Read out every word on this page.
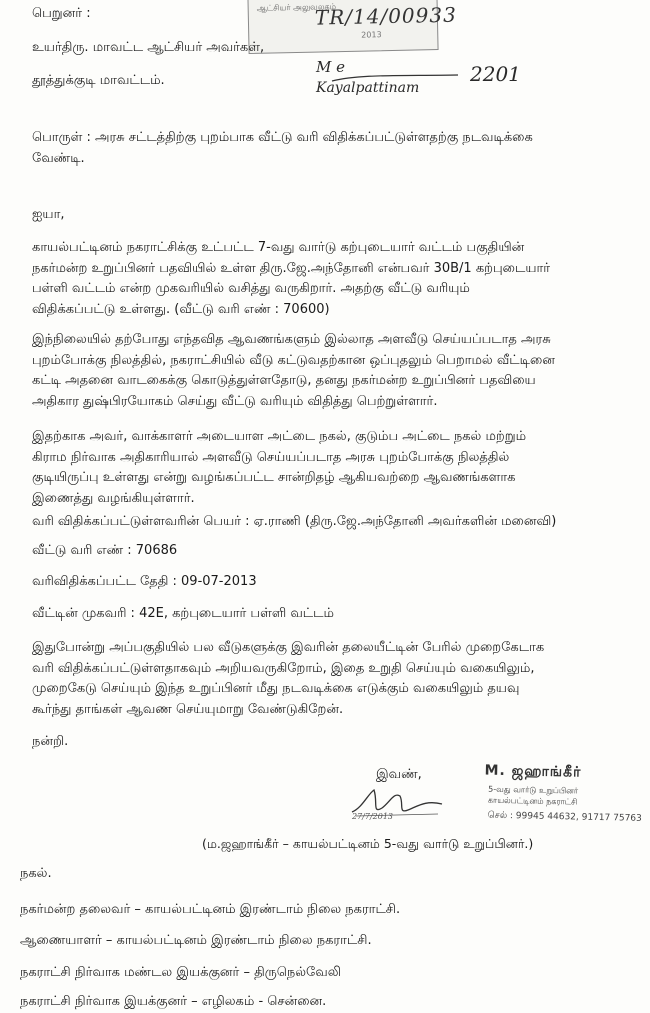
ஆட்சியர் அலுவலகம்
TR/14/00933
2013
பெறுனர் :
உயர்திரு. மாவட்ட ஆட்சியர் அவர்கள்,
தூத்துக்குடி மாவட்டம்.
M e
Kayalpattinam
2201
பொருள் : அரசு சட்டத்திற்கு புறம்பாக வீட்டு வரி விதிக்கப்பட்டுள்ளதற்கு நடவடிக்கை
வேண்டி.
ஐயா,
காயல்பட்டினம் நகராட்சிக்கு உட்பட்ட 7-வது வார்டு கற்புடையார் வட்டம் பகுதியின்
நகர்மன்ற உறுப்பினர் பதவியில் உள்ள திரு.ஜே.அந்தோனி என்பவர் 30B/1 கற்புடையார்
பள்ளி வட்டம் என்ற முகவரியில் வசித்து வருகிறார். அதற்கு வீட்டு வரியும்
விதிக்கப்பட்டு உள்ளது. (வீட்டு வரி எண் : 70600)
இந்நிலையில் தற்போது எந்தவித ஆவணங்களும் இல்லாத அளவீடு செய்யப்படாத அரசு
புறம்போக்கு நிலத்தில், நகராட்சியில் வீடு கட்டுவதற்கான ஒப்புதலும் பெறாமல் வீட்டினை
கட்டி அதனை வாடகைக்கு கொடுத்துள்ளதோடு, தனது நகர்மன்ற உறுப்பினர் பதவியை
அதிகார துஷ்பிரயோகம் செய்து வீட்டு வரியும் விதித்து பெற்றுள்ளார்.
இதற்காக அவர், வாக்காளர் அடையாள அட்டை நகல், குடும்ப அட்டை நகல் மற்றும்
கிராம நிர்வாக அதிகாரியால் அளவீடு செய்யப்படாத அரசு புறம்போக்கு நிலத்தில்
குடியிருப்பு உள்ளது என்று வழங்கப்பட்ட சான்றிதழ் ஆகியவற்றை ஆவணங்களாக
இணைத்து வழங்கியுள்ளார்.
வரி விதிக்கப்பட்டுள்ளவரின் பெயர் : ஏ.ராணி (திரு.ஜே.அந்தோனி அவர்களின் மனைவி)
வீட்டு வரி எண் : 70686
வரிவிதிக்கப்பட்ட தேதி : 09-07-2013
வீட்டின் முகவரி : 42E, கற்புடையார் பள்ளி வட்டம்
இதுபோன்று அப்பகுதியில் பல வீடுகளுக்கு இவரின் தலையீட்டின் பேரில் முறைகேடாக
வரி விதிக்கப்பட்டுள்ளதாகவும் அறியவருகிறோம், இதை உறுதி செய்யும் வகையிலும்,
முறைகேடு செய்யும் இந்த உறுப்பினர் மீது நடவடிக்கை எடுக்கும் வகையிலும் தயவு
கூர்ந்து தாங்கள் ஆவண செய்யுமாறு வேண்டுகிறேன்.
நன்றி.
இவண்,
27/7/2013
M. ஜஹாங்கீர்
5-வது வார்டு உறுப்பினர்
காயல்பட்டினம் நகராட்சி
செல் : 99945 44632, 91717 75763
(ம.ஜஹாங்கீர் – காயல்பட்டினம் 5-வது வார்டு உறுப்பினர்.)
நகல்.
நகர்மன்ற தலைவர் – காயல்பட்டினம் இரண்டாம் நிலை நகராட்சி.
ஆணையாளர் – காயல்பட்டினம் இரண்டாம் நிலை நகராட்சி.
நகராட்சி நிர்வாக மண்டல இயக்குனர் – திருநெல்வேலி
நகராட்சி நிர்வாக இயக்குனர் – எழிலகம் - சென்னை.
